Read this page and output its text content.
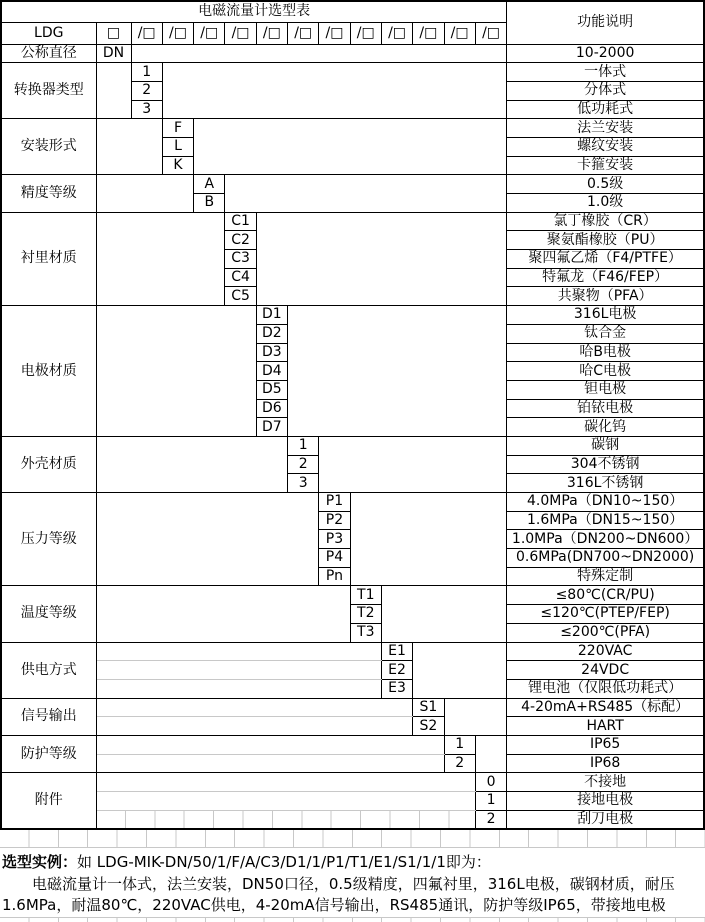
电磁流量计选型表														功能说明
LDG	□	/□	/□	/□	/□	/□	/□	/□	/□	/□	/□	/□	/□	
公称直径	DN													10-2000
转换器类型		1												一体式
		2												分体式
		3												低功耗式
安装形式			F											法兰安装
			L											螺纹安装
			K											卡箍安装
精度等级				A										0.5级
				B										1.0级
衬里材质					C1									氯丁橡胶（CR）
					C2									聚氨酯橡胶（PU）
					C3									聚四氟乙烯（F4/PTFE）
					C4									特氟龙（F46/FEP）
					C5									共聚物（PFA）
电极材质						D1								316L电极
						D2								钛合金
						D3								哈B电极
						D4								哈C电极
						D5								钽电极
						D6								铂铱电极
						D7								碳化钨
外壳材质							1							碳钢
							2							304不锈钢
							3							316L不锈钢
压力等级								P1						4.0MPa（DN10~150）
								P2						1.6MPa（DN15~150）
								P3						1.0MPa（DN200~DN600）
								P4						0.6MPa(DN700~DN2000)
								Pn						特殊定制
温度等级									T1					≤80℃(CR/PU)
									T2					≤120℃(PTEP/FEP)
									T3					≤200℃(PFA)
供电方式										E1				220VAC
										E2				24VDC
										E3				锂电池（仅限低功耗式）
信号输出											S1			4-20mA+RS485（标配）
											S2			HART
防护等级												1		IP65
												2		IP68
附件													0	不接地
													1	接地电极
													2	刮刀电极

选型实例：如 LDG-MIK-DN/50/1/F/A/C3/D1/1/P1/T1/E1/S1/1/1即为：

电磁流量计一体式，法兰安装，DN50口径，0.5级精度，四氟衬里，316L电极，碳钢材质，耐压1.6MPa，耐温80℃，220VAC供电，4-20mA信号输出，RS485通讯，防护等级IP65，带接地电极
